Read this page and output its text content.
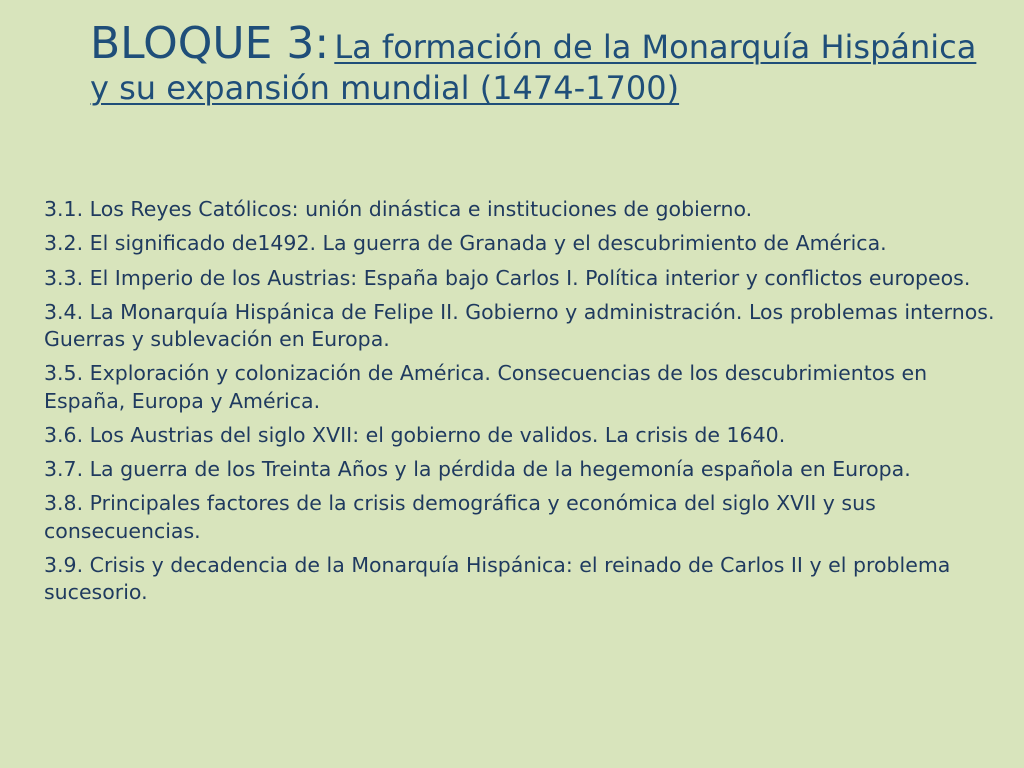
BLOQUE 3: La formación de la Monarquía Hispánica y su expansión mundial (1474-1700)
3.1. Los Reyes Católicos: unión dinástica e instituciones de gobierno.
3.2. El significado de1492. La guerra de Granada y el descubrimiento de América.
3.3. El Imperio de los Austrias: España bajo Carlos I. Política interior y conflictos europeos.
3.4. La Monarquía Hispánica de Felipe II. Gobierno y administración. Los problemas internos. Guerras y sublevación en Europa.
3.5. Exploración y colonización de América. Consecuencias de los descubrimientos en España, Europa y América.
3.6. Los Austrias del siglo XVII: el gobierno de validos. La crisis de 1640.
3.7. La guerra de los Treinta Años y la pérdida de la hegemonía española en Europa.
3.8. Principales factores de la crisis demográfica y económica del siglo XVII y sus consecuencias.
3.9. Crisis y decadencia de la Monarquía Hispánica: el reinado de Carlos II y el problema sucesorio.
